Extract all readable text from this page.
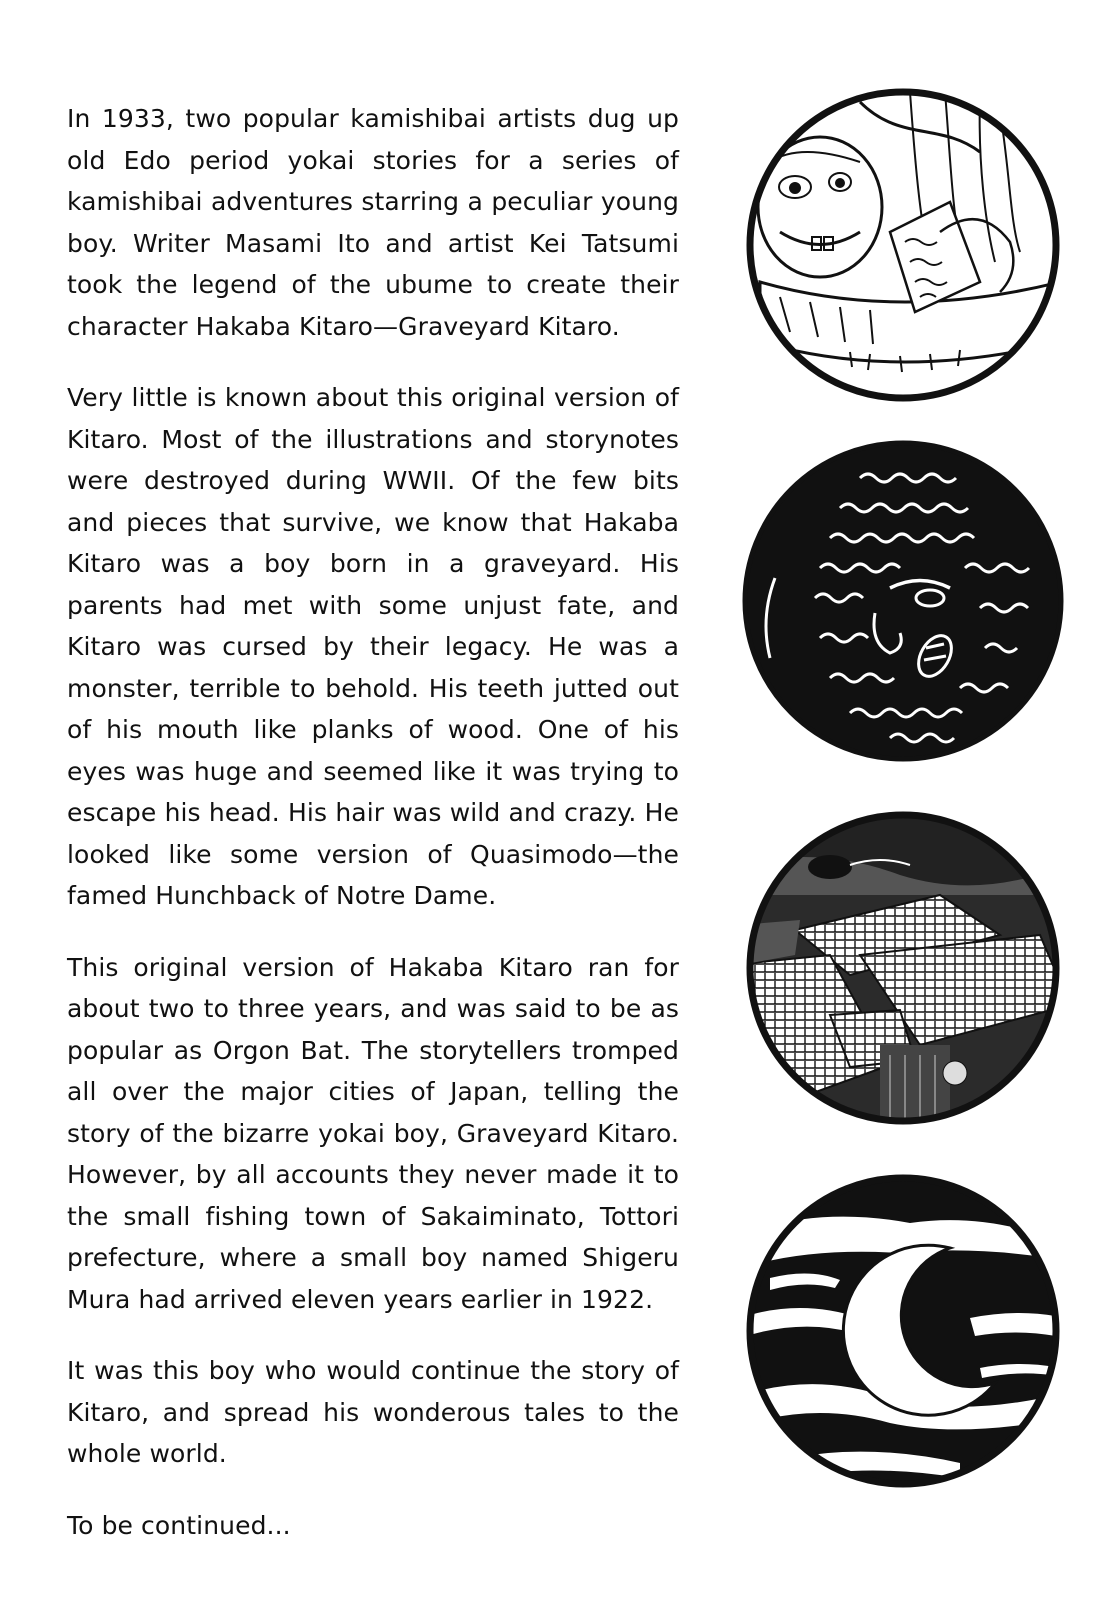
In 1933, two popular kamishibai artists dug up old Edo period yokai stories for a series of kamishibai adventures starring a peculiar young boy. Writer Masami Ito and artist Kei Tatsumi took the legend of the ubume to create their character Hakaba Kitaro—Graveyard Kitaro.

Very little is known about this original version of Kitaro. Most of the illustrations and storynotes were destroyed during WWII. Of the few bits and pieces that survive, we know that Hakaba Kitaro was a boy born in a graveyard. His parents had met with some unjust fate, and Kitaro was cursed by their legacy. He was a monster, terrible to behold. His teeth jutted out of his mouth like planks of wood. One of his eyes was huge and seemed like it was trying to escape his head. His hair was wild and crazy. He looked like some version of Quasimodo—the famed Hunchback of Notre Dame.

This original version of Hakaba Kitaro ran for about two to three years, and was said to be as popular as Orgon Bat. The storytellers tromped all over the major cities of Japan, telling the story of the bizarre yokai boy, Graveyard Kitaro. However, by all accounts they never made it to the small fishing town of Sakaiminato, Tottori prefecture, where a small boy named Shigeru Mura had arrived eleven years earlier in 1922.

It was this boy who would continue the story of Kitaro, and spread his wonderous tales to the whole world.

To be continued...
